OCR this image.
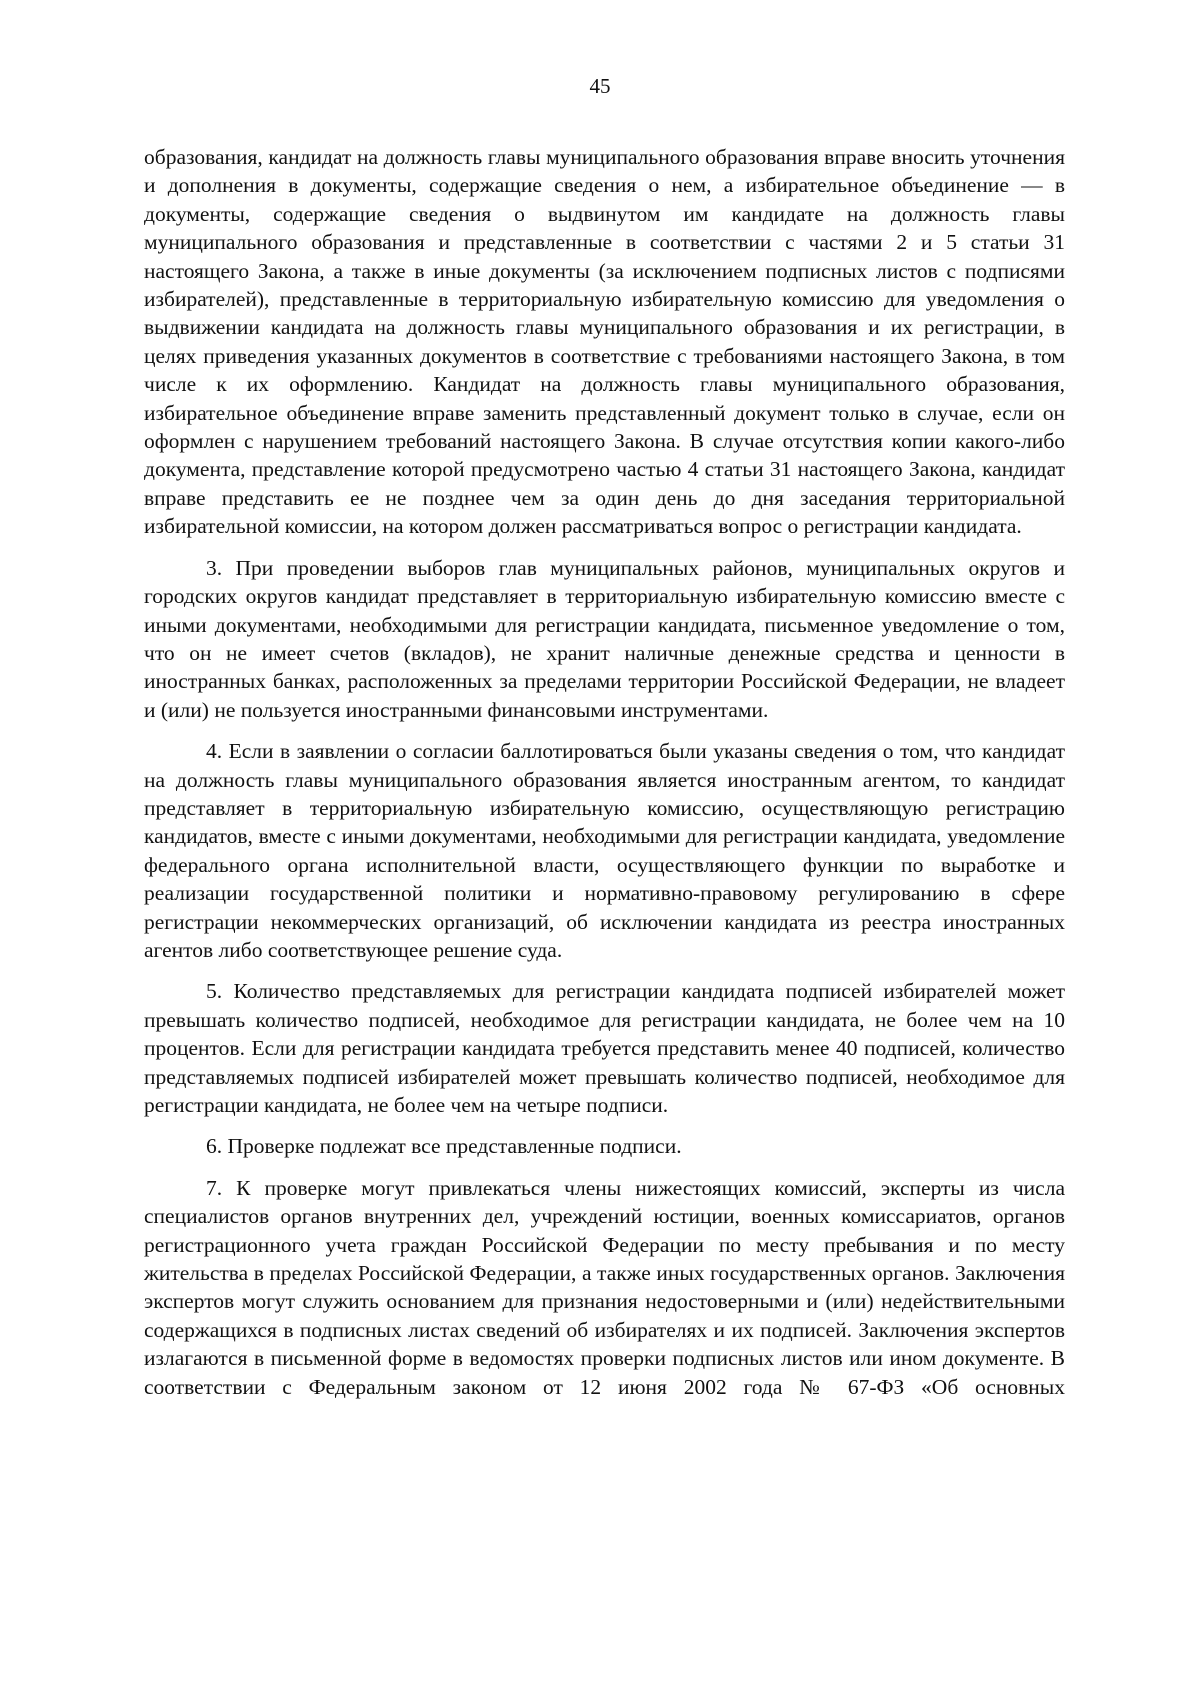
45

образования, кандидат на должность главы муниципального образования вправе вносить уточнения и дополнения в документы, содержащие сведения о нем, а избирательное объединение — в документы, содержащие сведения о выдвинутом им кандидате на должность главы муниципального образования и представленные в соответствии с частями 2 и 5 статьи 31 настоящего Закона, а также в иные документы (за исключением подписных листов с подписями избирателей), представленные в территориальную избирательную комиссию для уведомления о выдвижении кандидата на должность главы муниципального образования и их регистрации, в целях приведения указанных документов в соответствие с требованиями настоящего Закона, в том числе к их оформлению. Кандидат на должность главы муниципального образования, избирательное объединение вправе заменить представленный документ только в случае, если он оформлен с нарушением требований настоящего Закона. В случае отсутствия копии какого-либо документа, представление которой предусмотрено частью 4 статьи 31 настоящего Закона, кандидат вправе представить ее не позднее чем за один день до дня заседания территориальной избирательной комиссии, на котором должен рассматриваться вопрос о регистрации кандидата.

3. При проведении выборов глав муниципальных районов, муниципальных округов и городских округов кандидат представляет в территориальную избирательную комиссию вместе с иными документами, необходимыми для регистрации кандидата, письменное уведомление о том, что он не имеет счетов (вкладов), не хранит наличные денежные средства и ценности в иностранных банках, расположенных за пределами территории Российской Федерации, не владеет и (или) не пользуется иностранными финансовыми инструментами.

4. Если в заявлении о согласии баллотироваться были указаны сведения о том, что кандидат на должность главы муниципального образования является иностранным агентом, то кандидат представляет в территориальную избирательную комиссию, осуществляющую регистрацию кандидатов, вместе с иными документами, необходимыми для регистрации кандидата, уведомление федерального органа исполнительной власти, осуществляющего функции по выработке и реализации государственной политики и нормативно-правовому регулированию в сфере регистрации некоммерческих организаций, об исключении кандидата из реестра иностранных агентов либо соответствующее решение суда.

5. Количество представляемых для регистрации кандидата подписей избирателей может превышать количество подписей, необходимое для регистрации кандидата, не более чем на 10 процентов. Если для регистрации кандидата требуется представить менее 40 подписей, количество представляемых подписей избирателей может превышать количество подписей, необходимое для регистрации кандидата, не более чем на четыре подписи.

6. Проверке подлежат все представленные подписи.

7. К проверке могут привлекаться члены нижестоящих комиссий, эксперты из числа специалистов органов внутренних дел, учреждений юстиции, военных комиссариатов, органов регистрационного учета граждан Российской Федерации по месту пребывания и по месту жительства в пределах Российской Федерации, а также иных государственных органов. Заключения экспертов могут служить основанием для признания недостоверными и (или) недействительными содержащихся в подписных листах сведений об избирателях и их подписей. Заключения экспертов излагаются в письменной форме в ведомостях проверки подписных листов или ином документе. В соответствии с Федеральным законом от 12 июня 2002 года № 67-ФЗ «Об основных
